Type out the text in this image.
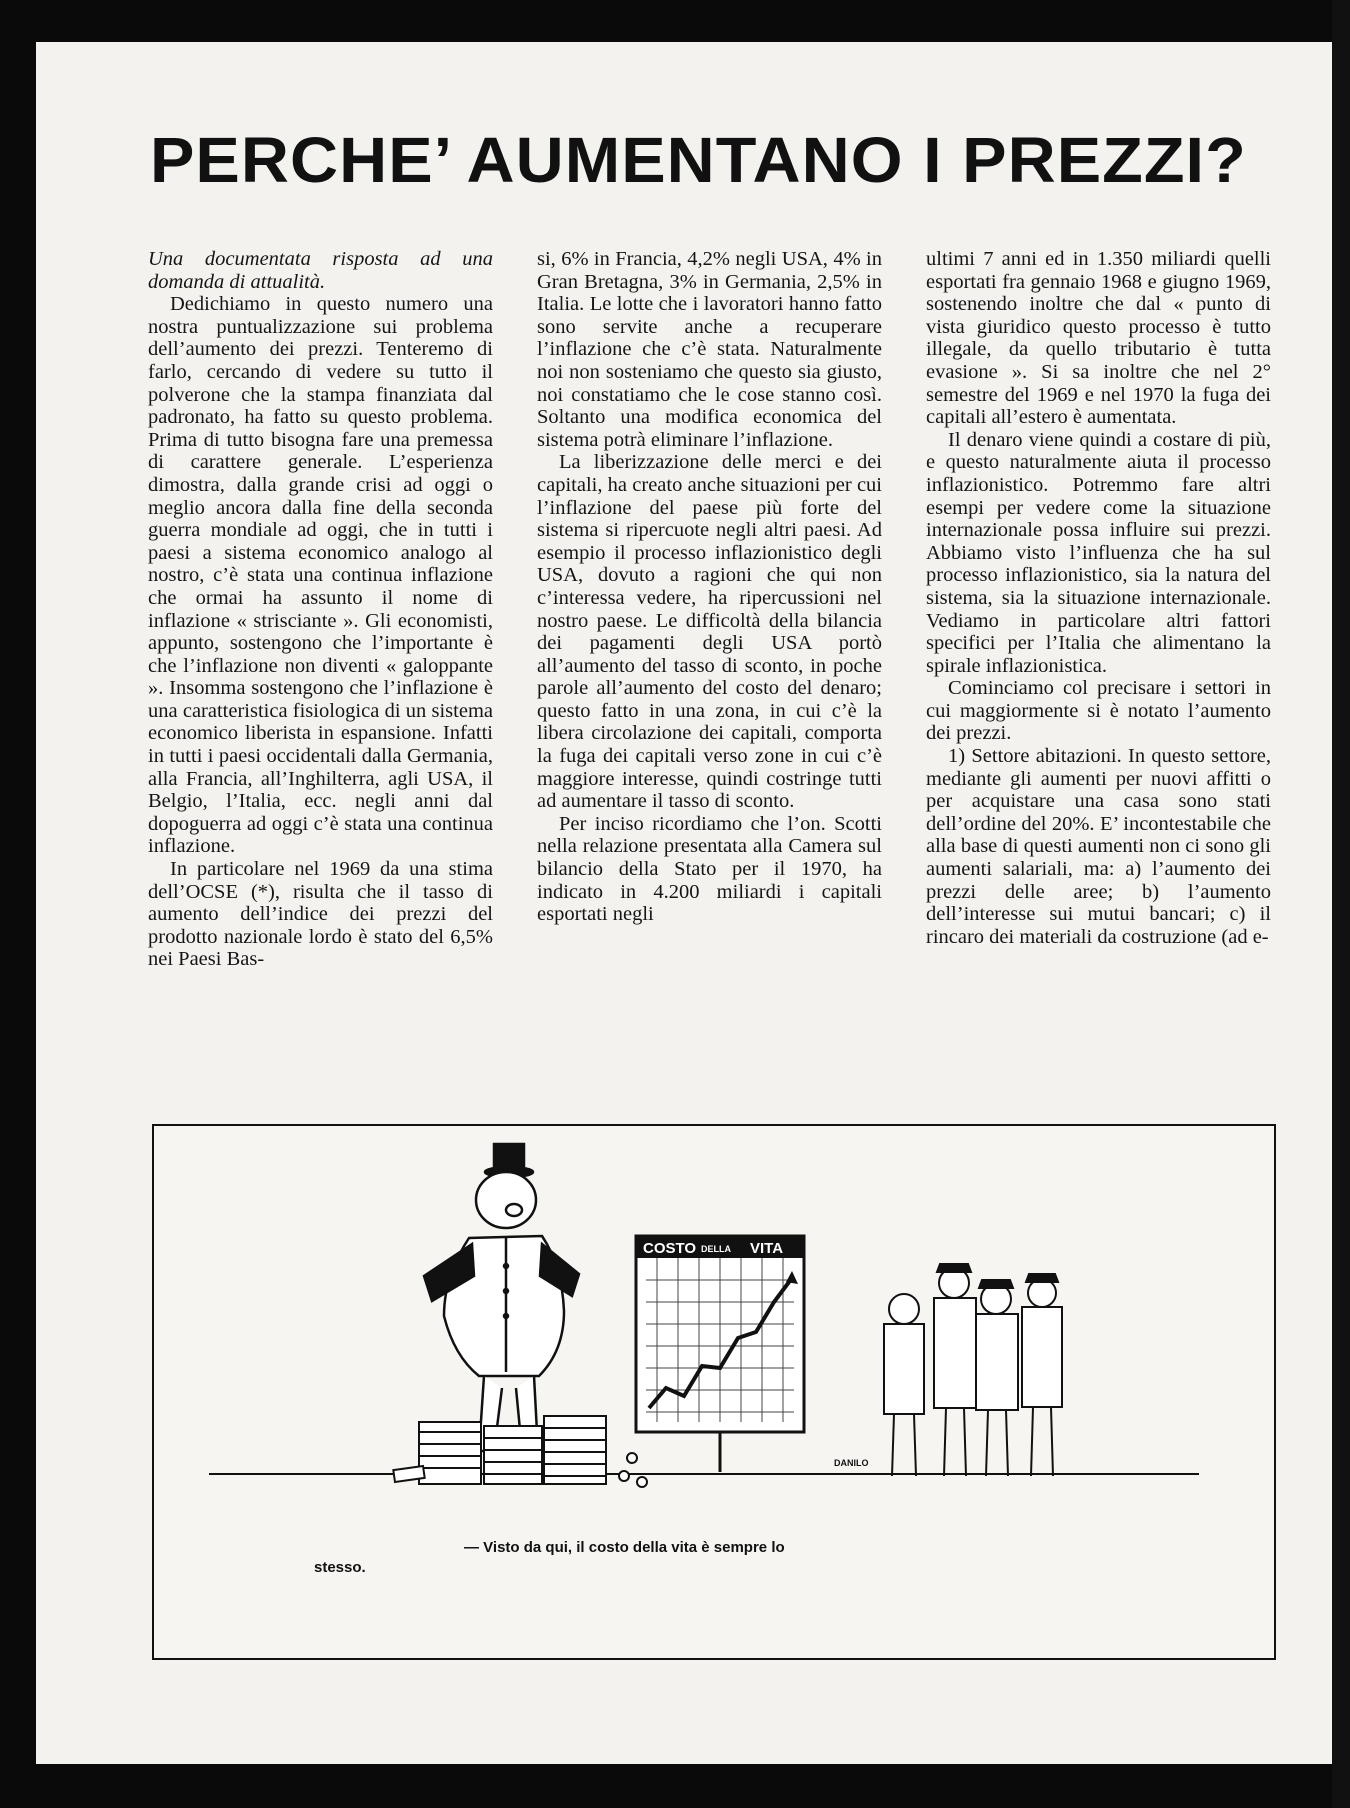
PERCHE’ AUMENTANO I PREZZI?

Una documentata risposta ad una domanda di attualità.

Dedichiamo in questo numero una nostra puntualizzazione sui problema dell’aumento dei prezzi. Tenteremo di farlo, cercando di vedere su tutto il polverone che la stampa finanziata dal padronato, ha fatto su questo problema. Prima di tutto bisogna fare una premessa di carattere generale. L’esperienza dimostra, dalla grande crisi ad oggi o meglio ancora dalla fine della seconda guerra mondiale ad oggi, che in tutti i paesi a sistema economico analogo al nostro, c’è stata una continua inflazione che ormai ha assunto il nome di inflazione « strisciante ». Gli economisti, appunto, sostengono che l’importante è che l’inflazione non diventi « galoppante ». Insomma sostengono che l’inflazione è una caratteristica fisiologica di un sistema economico liberista in espansione. Infatti in tutti i paesi occidentali dalla Germania, alla Francia, all’Inghilterra, agli USA, il Belgio, l’Italia, ecc. negli anni dal dopoguerra ad oggi c’è stata una continua inflazione.

In particolare nel 1969 da una stima dell’OCSE (*), risulta che il tasso di aumento dell’indice dei prezzi del prodotto nazionale lordo è stato del 6,5% nei Paesi Bas-

si, 6% in Francia, 4,2% negli USA, 4% in Gran Bretagna, 3% in Germania, 2,5% in Italia. Le lotte che i lavoratori hanno fatto sono servite anche a recuperare l’inflazione che c’è stata. Naturalmente noi non sosteniamo che questo sia giusto, noi constatiamo che le cose stanno così. Soltanto una modifica economica del sistema potrà eliminare l’inflazione.

La liberizzazione delle merci e dei capitali, ha creato anche situazioni per cui l’inflazione del paese più forte del sistema si ripercuote negli altri paesi. Ad esempio il processo inflazionistico degli USA, dovuto a ragioni che qui non c’interessa vedere, ha ripercussioni nel nostro paese. Le difficoltà della bilancia dei pagamenti degli USA portò all’aumento del tasso di sconto, in poche parole all’aumento del costo del denaro; questo fatto in una zona, in cui c’è la libera circolazione dei capitali, comporta la fuga dei capitali verso zone in cui c’è maggiore interesse, quindi costringe tutti ad aumentare il tasso di sconto.

Per inciso ricordiamo che l’on. Scotti nella relazione presentata alla Camera sul bilancio della Stato per il 1970, ha indicato in 4.200 miliardi i capitali esportati negli

ultimi 7 anni ed in 1.350 miliardi quelli esportati fra gennaio 1968 e giugno 1969, sostenendo inoltre che dal « punto di vista giuridico questo processo è tutto illegale, da quello tributario è tutta evasione ». Si sa inoltre che nel 2° semestre del 1969 e nel 1970 la fuga dei capitali all’estero è aumentata.

Il denaro viene quindi a costare di più, e questo naturalmente aiuta il processo inflazionistico. Potremmo fare altri esempi per vedere come la situazione internazionale possa influire sui prezzi. Abbiamo visto l’influenza che ha sul processo inflazionistico, sia la natura del sistema, sia la situazione internazionale. Vediamo in particolare altri fattori specifici per l’Italia che alimentano la spirale inflazionistica.

Cominciamo col precisare i settori in cui maggiormente si è notato l’aumento dei prezzi.

1) Settore abitazioni. In questo settore, mediante gli aumenti per nuovi affitti o per acquistare una casa sono stati dell’ordine del 20%. E’ incontestabile che alla base di questi aumenti non ci sono gli aumenti salariali, ma: a) l’aumento dei prezzi delle aree; b) l’aumento dell’interesse sui mutui bancari; c) il rincaro dei materiali da costruzione (ad e-

COSTO DELLA VITA
DANILO
— Visto da qui, il costo della vita è sempre lo
stesso.
